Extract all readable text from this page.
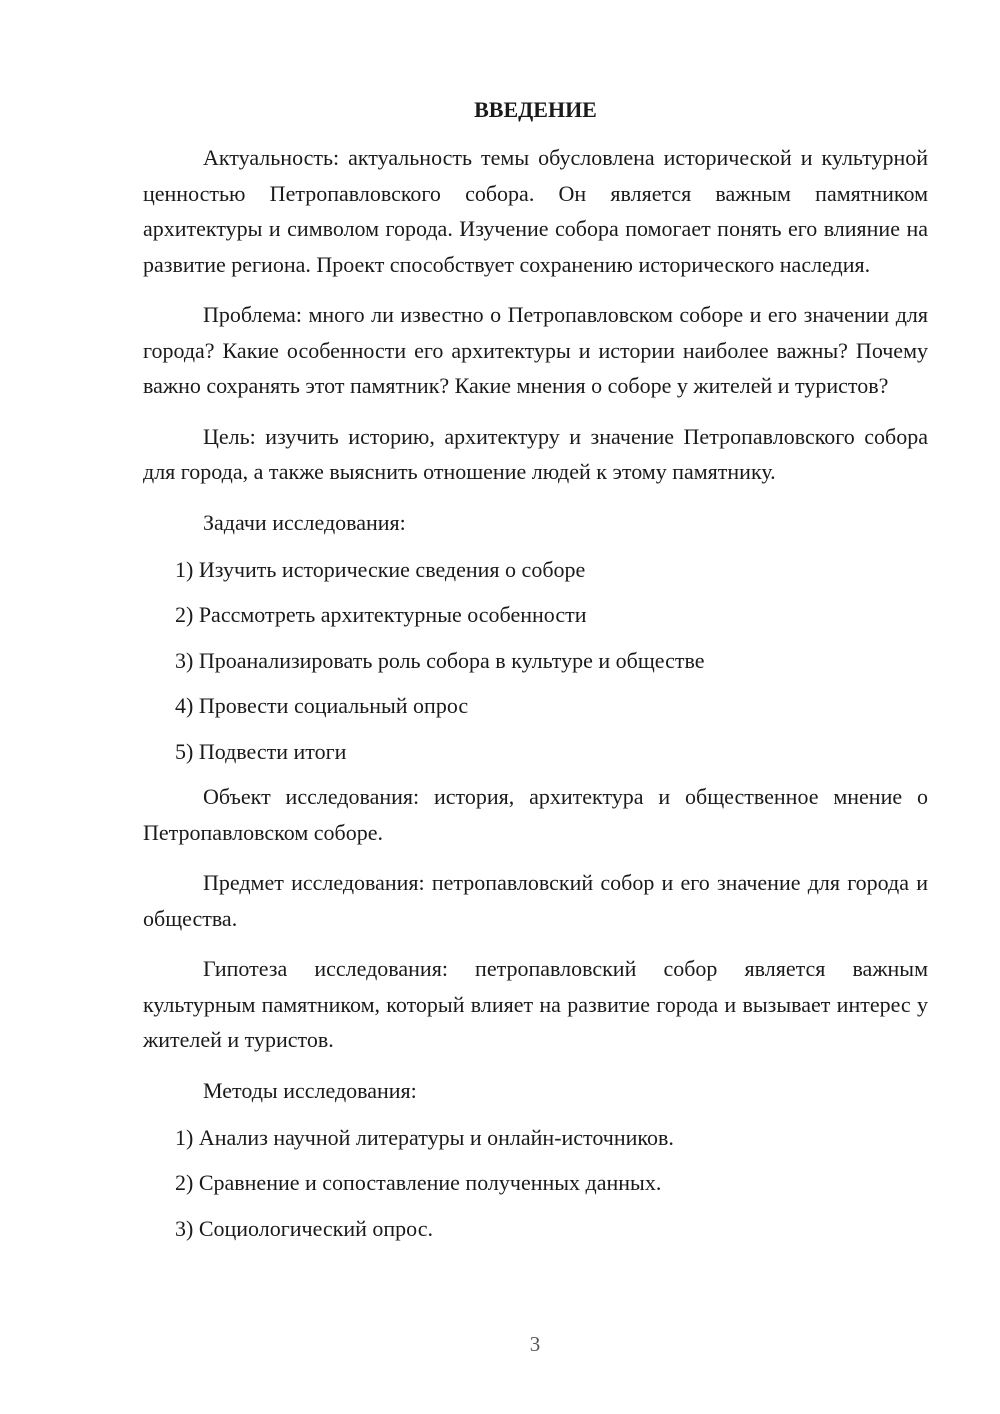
ВВЕДЕНИЕ

Актуальность: актуальность темы обусловлена исторической и культурной ценностью Петропавловского собора. Он является важным памятником архитектуры и символом города. Изучение собора помогает понять его влияние на развитие региона. Проект способствует сохранению исторического наследия.

Проблема: много ли известно о Петропавловском соборе и его значении для города? Какие особенности его архитектуры и истории наиболее важны? Почему важно сохранять этот памятник? Какие мнения о соборе у жителей и туристов?

Цель: изучить историю, архитектуру и значение Петропавловского собора для города, а также выяснить отношение людей к этому памятнику.

Задачи исследования:
1) Изучить исторические сведения о соборе
2) Рассмотреть архитектурные особенности
3) Проанализировать роль собора в культуре и обществе
4) Провести социальный опрос
5) Подвести итоги

Объект исследования: история, архитектура и общественное мнение о Петропавловском соборе.

Предмет исследования: петропавловский собор и его значение для города и общества.

Гипотеза исследования: петропавловский собор является важным культурным памятником, который влияет на развитие города и вызывает интерес у жителей и туристов.

Методы исследования:
1) Анализ научной литературы и онлайн-источников.
2) Сравнение и сопоставление полученных данных.
3) Социологический опрос.
3
